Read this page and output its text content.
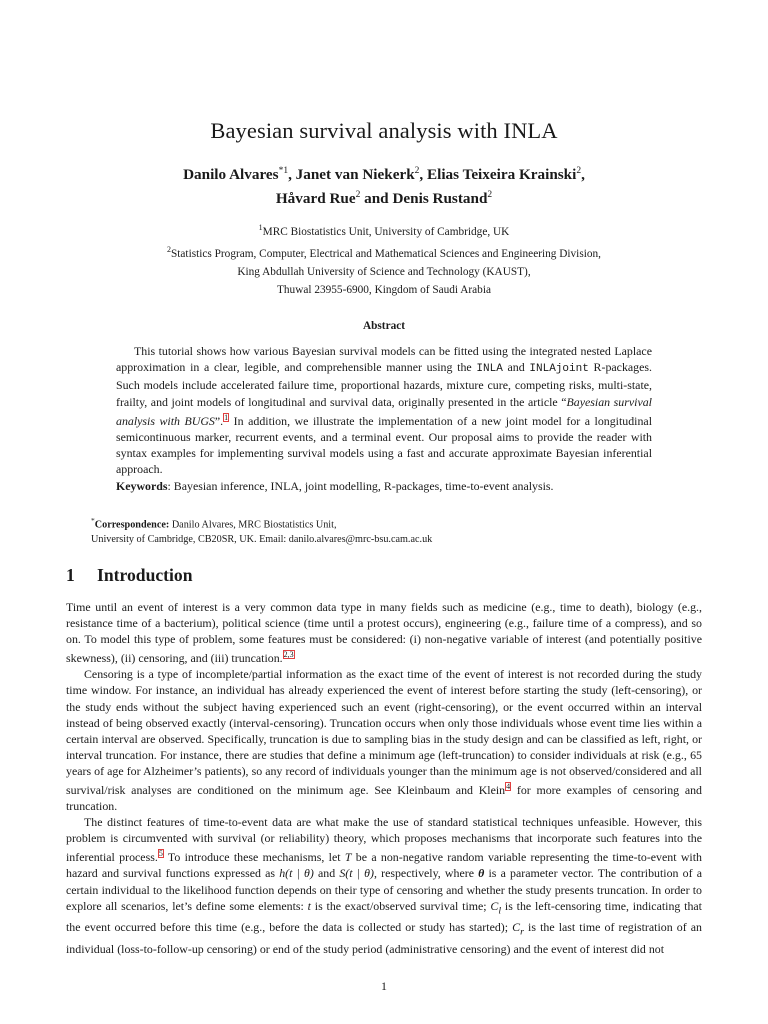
Bayesian survival analysis with INLA
Danilo Alvares$^{*1}$, Janet van Niekerk$^2$, Elias Teixeira Krainski$^2$,
Håvard Rue$^2$ and Denis Rustand$^2$
$^1$MRC Biostatistics Unit, University of Cambridge, UK
$^2$Statistics Program, Computer, Electrical and Mathematical Sciences and Engineering Division,
King Abdullah University of Science and Technology (KAUST),
Thuwal 23955-6900, Kingdom of Saudi Arabia
Abstract
This tutorial shows how various Bayesian survival models can be fitted using the integrated nested Laplace approximation in a clear, legible, and comprehensible manner using the INLA and INLAjoint R-packages. Such models include accelerated failure time, proportional hazards, mixture cure, competing risks, multi-state, frailty, and joint models of longitudinal and survival data, originally presented in the article “Bayesian survival analysis with BUGS”.$^1$ In addition, we illustrate the implementation of a new joint model for a longitudinal semicontinuous marker, recurrent events, and a terminal event. Our proposal aims to provide the reader with syntax examples for implementing survival models using a fast and accurate approximate Bayesian inferential approach.
Keywords: Bayesian inference, INLA, joint modelling, R-packages, time-to-event analysis.
*Correspondence: Danilo Alvares, MRC Biostatistics Unit,
University of Cambridge, CB20SR, UK. Email: danilo.alvares@mrc-bsu.cam.ac.uk
1 Introduction

Time until an event of interest is a very common data type in many fields such as medicine (e.g., time to death), biology (e.g., resistance time of a bacterium), political science (time until a protest occurs), engineering (e.g., failure time of a compress), and so on. To model this type of problem, some features must be considered: (i) non-negative variable of interest (and potentially positive skewness), (ii) censoring, and (iii) truncation.$^{2,3}$

Censoring is a type of incomplete/partial information as the exact time of the event of interest is not recorded during the study time window. For instance, an individual has already experienced the event of interest before starting the study (left-censoring), or the study ends without the subject having experienced such an event (right-censoring), or the event occurred within an interval instead of being observed exactly (interval-censoring). Truncation occurs when only those individuals whose event time lies within a certain interval are observed. Specifically, truncation is due to sampling bias in the study design and can be classified as left, right, or interval truncation. For instance, there are studies that define a minimum age (left-truncation) to consider individuals at risk (e.g., 65 years of age for Alzheimer’s patients), so any record of individuals younger than the minimum age is not observed/considered and all survival/risk analyses are conditioned on the minimum age. See Kleinbaum and Klein$^4$ for more examples of censoring and truncation.

The distinct features of time-to-event data are what make the use of standard statistical techniques unfeasible. However, this problem is circumvented with survival (or reliability) theory, which proposes mechanisms that incorporate such features into the inferential process.$^5$ To introduce these mechanisms, let T be a non-negative random variable representing the time-to-event with hazard and survival functions expressed as h(t | θ) and S(t | θ), respectively, where θ is a parameter vector. The contribution of a certain individual to the likelihood function depends on their type of censoring and whether the study presents truncation. In order to explore all scenarios, let’s define some elements: t is the exact/observed survival time; $C_l$ is the left-censoring time, indicating that the event occurred before this time (e.g., before the data is collected or study has started); $C_r$ is the last time of registration of an individual (loss-to-follow-up censoring) or end of the study period (administrative censoring) and the event of interest did not

1
